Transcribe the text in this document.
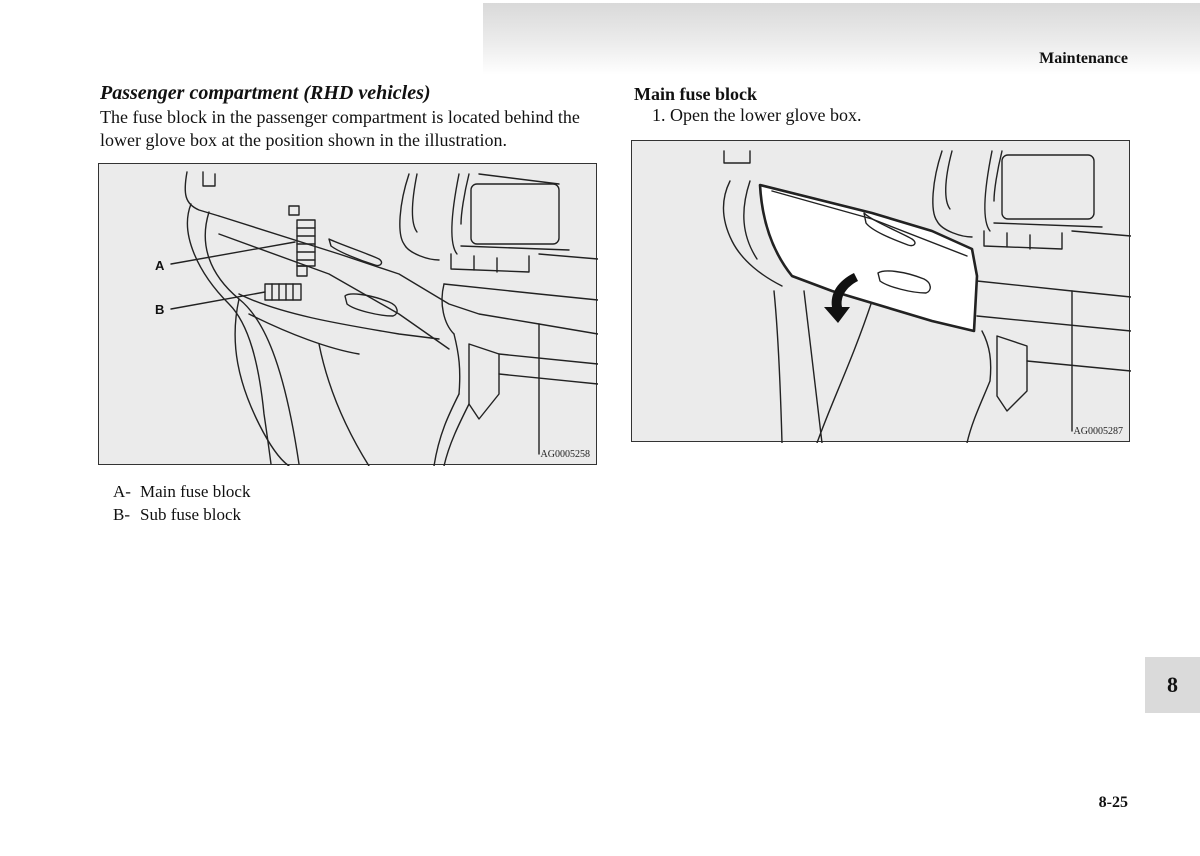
Maintenance
Passenger compartment (RHD vehicles)
The fuse block in the passenger compartment is located behind the lower glove box at the position shown in the illustration.
Main fuse block
1. Open the lower glove box.
A
B
AG0005258
A- Main fuse block
B- Sub fuse block
AG0005287
8
8-25
